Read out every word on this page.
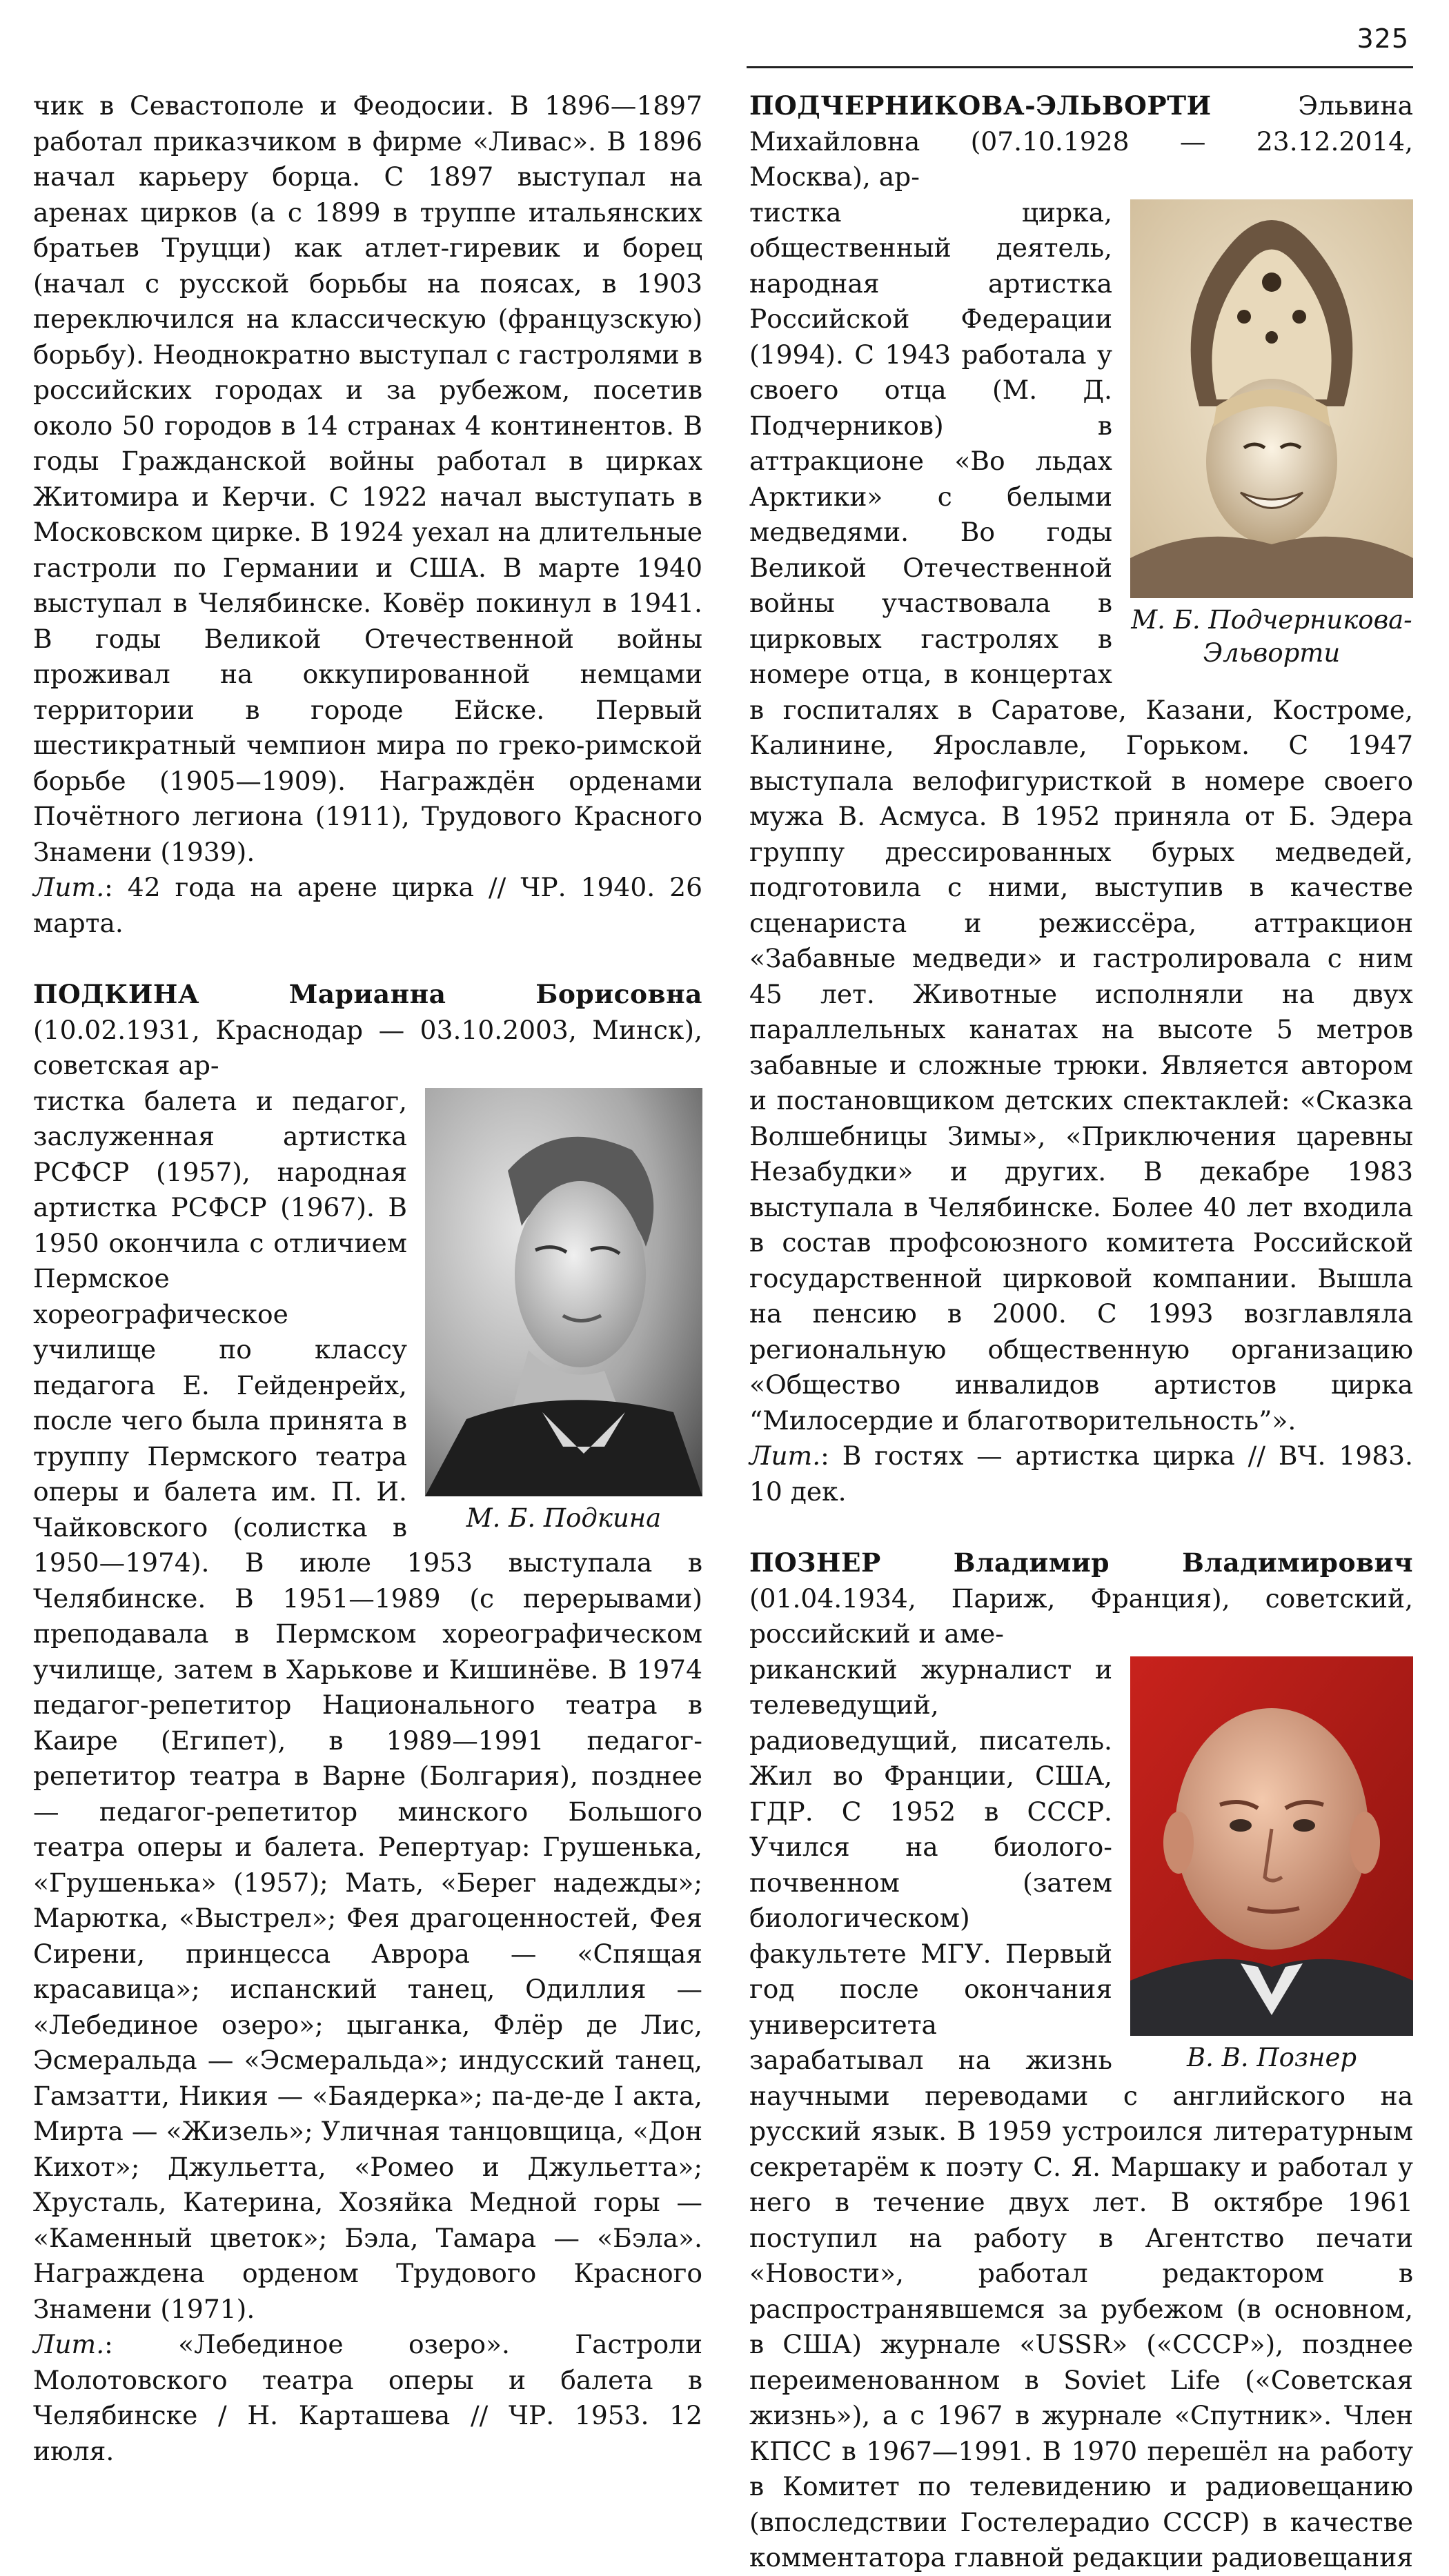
325

чик в Севастополе и Феодосии. В 1896—1897 работал приказчиком в фирме «Ливас». В 1896 начал карьеру борца. С 1897 выступал на аренах цирков (а с 1899 в труппе итальянских братьев Труцци) как атлет-гиревик и борец (начал с русской борьбы на поясах, в 1903 переключился на классическую (французскую) борьбу). Неоднократно выступал с гастролями в российских городах и за рубежом, посетив около 50 городов в 14 странах 4 континентов. В годы Гражданской войны работал в цирках Житомира и Керчи. С 1922 начал выступать в Московском цирке. В 1924 уехал на длительные гастроли по Германии и США. В марте 1940 выступал в Челябинске. Ковёр покинул в 1941. В годы Великой Отечественной войны проживал на оккупированной немцами территории в городе Ейске. Первый шестикратный чемпион мира по греко-римской борьбе (1905—1909). Награждён орденами Почётного легиона (1911), Трудового Красного Знамени (1939).
Лит.: 42 года на арене цирка // ЧР. 1940. 26 марта.

ПОДКИНА Марианна Борисовна (10.02.1931, Краснодар — 03.10.2003, Минск), советская ар-

М. Б. Подкина

тистка балета и педагог, заслуженная артистка РСФСР (1957), народная артистка РСФСР (1967). В 1950 окончила с отличием Пермское хореографическое училище по классу педагога Е. Гейденрейх, после чего была принята в труппу Пермского театра оперы и балета им. П. И. Чайковского (солистка в 1950—1974). В июле 1953 выступала в Челябинске. В 1951—1989 (с перерывами) преподавала в Пермском хореографическом училище, затем в Харькове и Кишинёве. В 1974 педагог-репетитор Национального театра в Каире (Египет), в 1989—1991 педагог-репетитор театра в Варне (Болгария), позднее — педагог-репетитор минского Большого театра оперы и балета. Репертуар: Грушенька, «Грушенька» (1957); Мать, «Берег надежды»; Марютка, «Выстрел»; Фея драгоценностей, Фея Сирени, принцесса Аврора — «Спящая красавица»; испанский танец, Одиллия — «Лебединое озеро»; цыганка, Флёр де Лис, Эсмеральда — «Эсмеральда»; индусский танец, Гамзатти, Никия — «Баядерка»; па-де-де I акта, Мирта — «Жизель»; Уличная танцовщица, «Дон Кихот»; Джульетта, «Ромео и Джульетта»; Хрусталь, Катерина, Хозяйка Медной горы — «Каменный цветок»; Бэла, Тамара — «Бэла». Награждена орденом Трудового Красного Знамени (1971).
Лит.: «Лебединое озеро». Гастроли Молотовского театра оперы и балета в Челябинске / Н. Карташева // ЧР. 1953. 12 июля.

ПОДЧЕРНИКОВА-ЭЛЬВОРТИ Эльвина Михайловна (07.10.1928 — 23.12.2014, Москва), ар-

М. Б. Подчерникова-Эльворти

тистка цирка, общественный деятель, народная артистка Российской Федерации (1994). С 1943 работала у своего отца (М. Д. Подчерников) в аттракционе «Во льдах Арктики» с белыми медведями. Во годы Великой Отечественной войны участвовала в цирковых гастролях в номере отца, в концертах в госпиталях в Саратове, Казани, Костроме, Калинине, Ярославле, Горьком. С 1947 выступала велофигуристкой в номере своего мужа В. Асмуса. В 1952 приняла от Б. Эдера группу дрессированных бурых медведей, подготовила с ними, выступив в качестве сценариста и режиссёра, аттракцион «Забавные медведи» и гастролировала с ним 45 лет. Животные исполняли на двух параллельных канатах на высоте 5 метров забавные и сложные трюки. Является автором и постановщиком детских спектаклей: «Сказка Волшебницы Зимы», «Приключения царевны Незабудки» и других. В декабре 1983 выступала в Челябинске. Более 40 лет входила в состав профсоюзного комитета Российской государственной цирковой компании. Вышла на пенсию в 2000. С 1993 возглавляла региональную общественную организацию «Общество инвалидов артистов цирка “Милосердие и благотворительность”».
Лит.: В гостях — артистка цирка // ВЧ. 1983. 10 дек.

ПОЗНЕР Владимир Владимирович (01.04.1934, Париж, Франция), советский, российский и аме-

В. В. Познер

риканский журналист и телеведущий, радиоведущий, писатель. Жил во Франции, США, ГДР. С 1952 в СССР. Учился на биолого-почвенном (затем биологическом) факультете МГУ. Первый год после окончания университета зарабатывал на жизнь научными переводами с английского на русский язык. В 1959 устроился литературным секретарём к поэту С. Я. Маршаку и работал у него в течение двух лет. В октябре 1961 поступил на работу в Агентство печати «Новости», работал редактором в распространявшемся за рубежом (в основном, в США) журнале «USSR» («СССР»), позднее переименованном в Soviet Life («Советская жизнь»), а с 1967 в журнале «Спутник». Член КПСС в 1967—1991. В 1970 перешёл на работу в Комитет по телевидению и радиовещанию (впоследствии Гостелерадио СССР) в качестве комментатора главной редакции радиовещания
